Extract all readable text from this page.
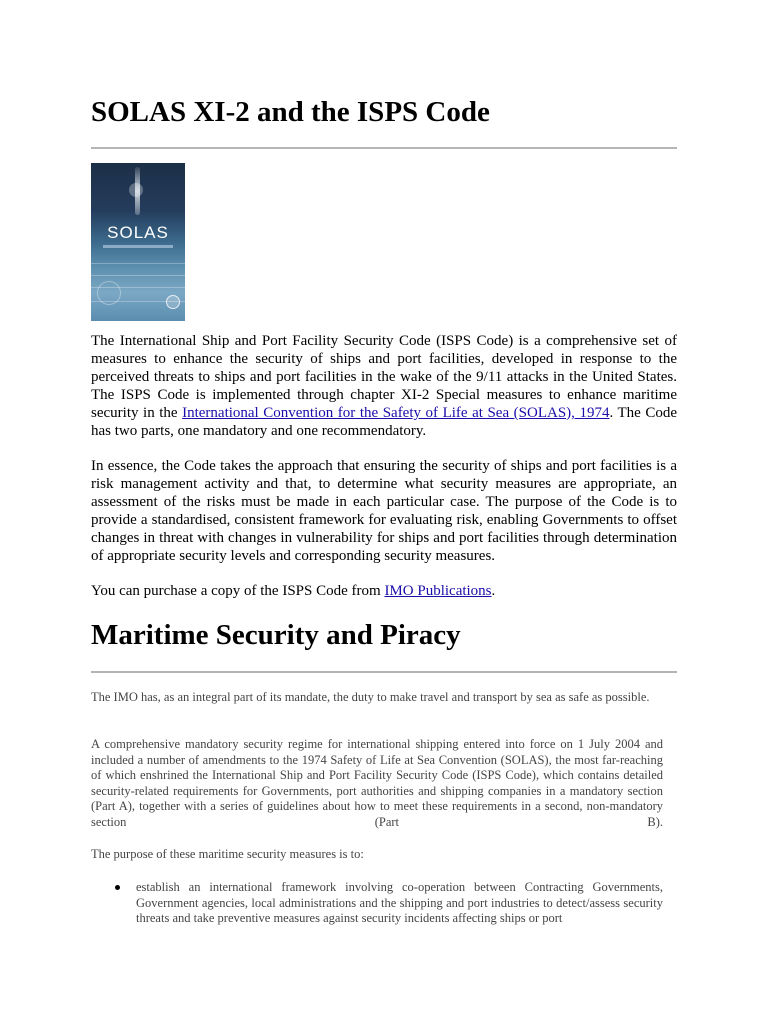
SOLAS XI-2 and the ISPS Code
SOLAS

The International Ship and Port Facility Security Code (ISPS Code) is a comprehensive set of measures to enhance the security of ships and port facilities, developed in response to the perceived threats to ships and port facilities in the wake of the 9/11 attacks in the United States. The ISPS Code is implemented through chapter XI-2 Special measures to enhance maritime security in the International Convention for the Safety of Life at Sea (SOLAS), 1974. The Code has two parts, one mandatory and one recommendatory.

In essence, the Code takes the approach that ensuring the security of ships and port facilities is a risk management activity and that, to determine what security measures are appropriate, an assessment of the risks must be made in each particular case. The purpose of the Code is to provide a standardised, consistent framework for evaluating risk, enabling Governments to offset changes in threat with changes in vulnerability for ships and port facilities through determination of appropriate security levels and corresponding security measures.

You can purchase a copy of the ISPS Code from IMO Publications.

Maritime Security and Piracy

The IMO has, as an integral part of its mandate, the duty to make travel and transport by sea as safe as possible.

A comprehensive mandatory security regime for international shipping entered into force on 1 July 2004 and included a number of amendments to the 1974 Safety of Life at Sea Convention (SOLAS), the most far-reaching of which enshrined the International Ship and Port Facility Security Code (ISPS Code), which contains detailed security-related requirements for Governments, port authorities and shipping companies in a mandatory section (Part A), together with a series of guidelines about how to meet these requirements in a second, non-mandatory section (Part B).

The purpose of these maritime security measures is to:

establish an international framework involving co-operation between Contracting Governments, Government agencies, local administrations and the shipping and port industries to detect/assess security threats and take preventive measures against security incidents affecting ships or port
